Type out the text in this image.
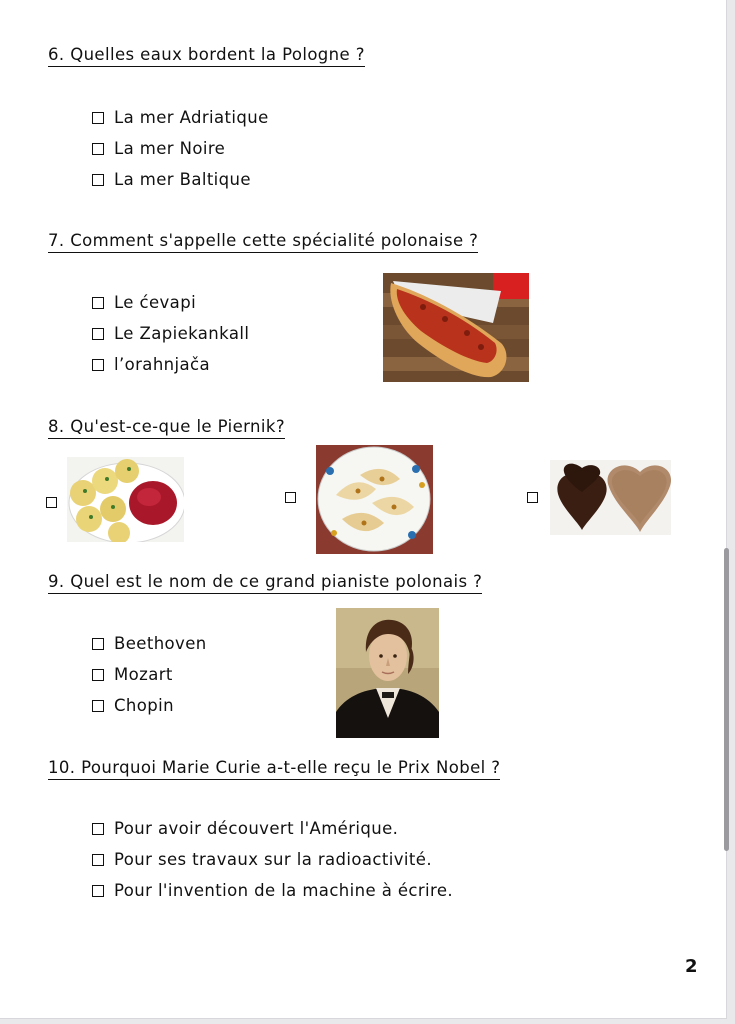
6. Quelles eaux bordent la Pologne ?
La mer Adriatique
La mer Noire
La mer Baltique
7. Comment s'appelle cette spécialité polonaise ?
Le ćevapi
Le Zapiekankall
l’orahnjača
8. Qu'est-ce-que le Piernik?
9. Quel est le nom de ce grand pianiste polonais ?
Beethoven
Mozart
Chopin
10. Pourquoi Marie Curie a-t-elle reçu le Prix Nobel ?
Pour avoir découvert l'Amérique.
Pour ses travaux sur la radioactivité.
Pour l'invention de la machine à écrire.
2
